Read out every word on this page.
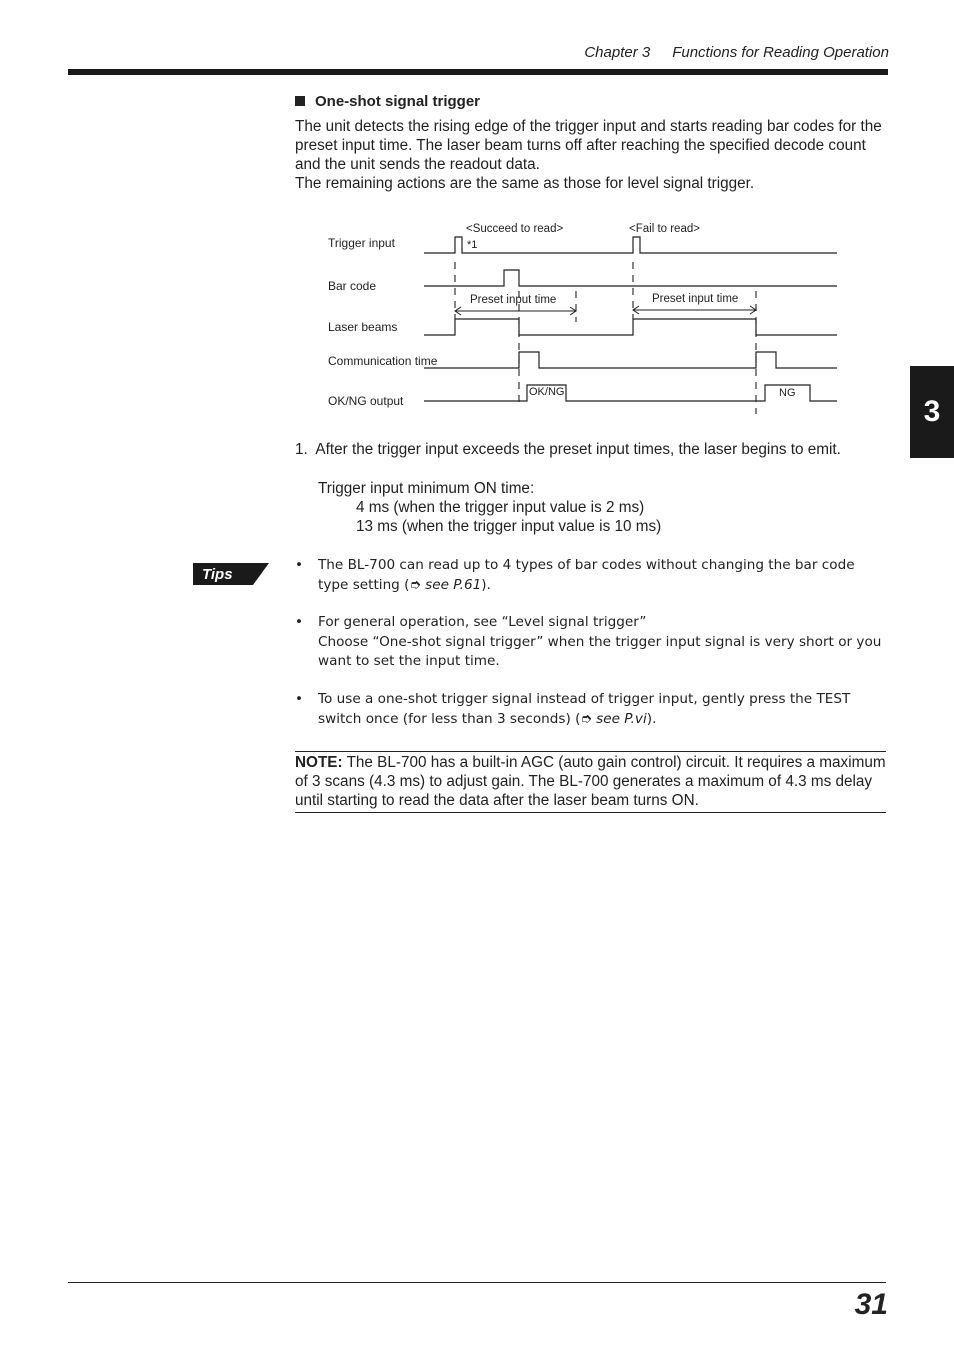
Chapter 3 Functions for Reading Operation
3
One-shot signal trigger
The unit detects the rising edge of the trigger input and starts reading bar codes for the preset input time. The laser beam turns off after reaching the specified decode count and the unit sends the readout data.
The remaining actions are the same as those for level signal trigger.
Trigger input
Bar code
Laser beams
Communication time
OK/NG output
<Succeed to read>	<Fail to read>
*1
Preset input time	Preset input time
OK/NG	NG
1. After the trigger input exceeds the preset input times, the laser begins to emit.
Trigger input minimum ON time:
4 ms (when the trigger input value is 2 ms)
13 ms (when the trigger input value is 10 ms)
Tips
• The BL-700 can read up to 4 types of bar codes without changing the bar code type setting (➮ see P.61).
• For general operation, see “Level signal trigger”
Choose “One-shot signal trigger” when the trigger input signal is very short or you want to set the input time.
• To use a one-shot trigger signal instead of trigger input, gently press the TEST switch once (for less than 3 seconds) (➮ see P.vi).
NOTE: The BL-700 has a built-in AGC (auto gain control) circuit. It requires a maximum of 3 scans (4.3 ms) to adjust gain. The BL-700 generates a maximum of 4.3 ms delay until starting to read the data after the laser beam turns ON.
31
